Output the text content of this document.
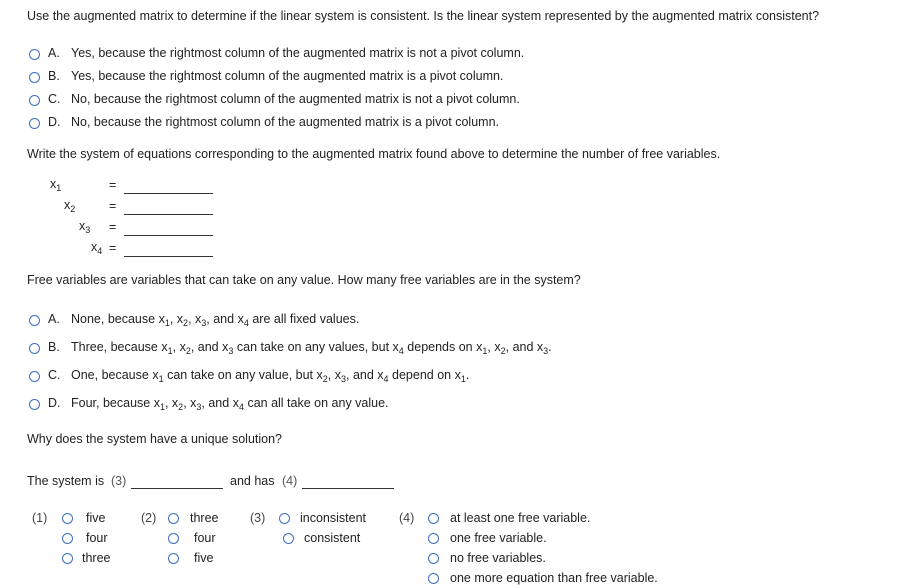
Use the augmented matrix to determine if the linear system is consistent. Is the linear system represented by the augmented matrix consistent?
A. Yes, because the rightmost column of the augmented matrix is not a pivot column.
B. Yes, because the rightmost column of the augmented matrix is a pivot column.
C. No, because the rightmost column of the augmented matrix is not a pivot column.
D. No, because the rightmost column of the augmented matrix is a pivot column.
Write the system of equations corresponding to the augmented matrix found above to determine the number of free variables.
$x_1$	=
$x_2$	=
$x_3$ =
$x_4$ =
Free variables are variables that can take on any value. How many free variables are in the system?
A. None, because $x_1$, $x_2$, $x_3$, and $x_4$ are all fixed values.
B. Three, because $x_1$, $x_2$, and $x_3$ can take on any values, but $x_4$ depends on $x_1$, $x_2$, and $x_3$.
C. One, because $x_1$ can take on any value, but $x_2$, $x_3$, and $x_4$ depend on $x_1$.
D. Four, because $x_1$, $x_2$, $x_3$, and $x_4$ can all take on any value.
Why does the system have a unique solution?
The system is (3)	and has (4)
(1)	five
four
three
(2)	three
four
five
(3)	inconsistent
consistent
(4)	at least one free variable.
one free variable.
no free variables.
one more equation than free variable.
